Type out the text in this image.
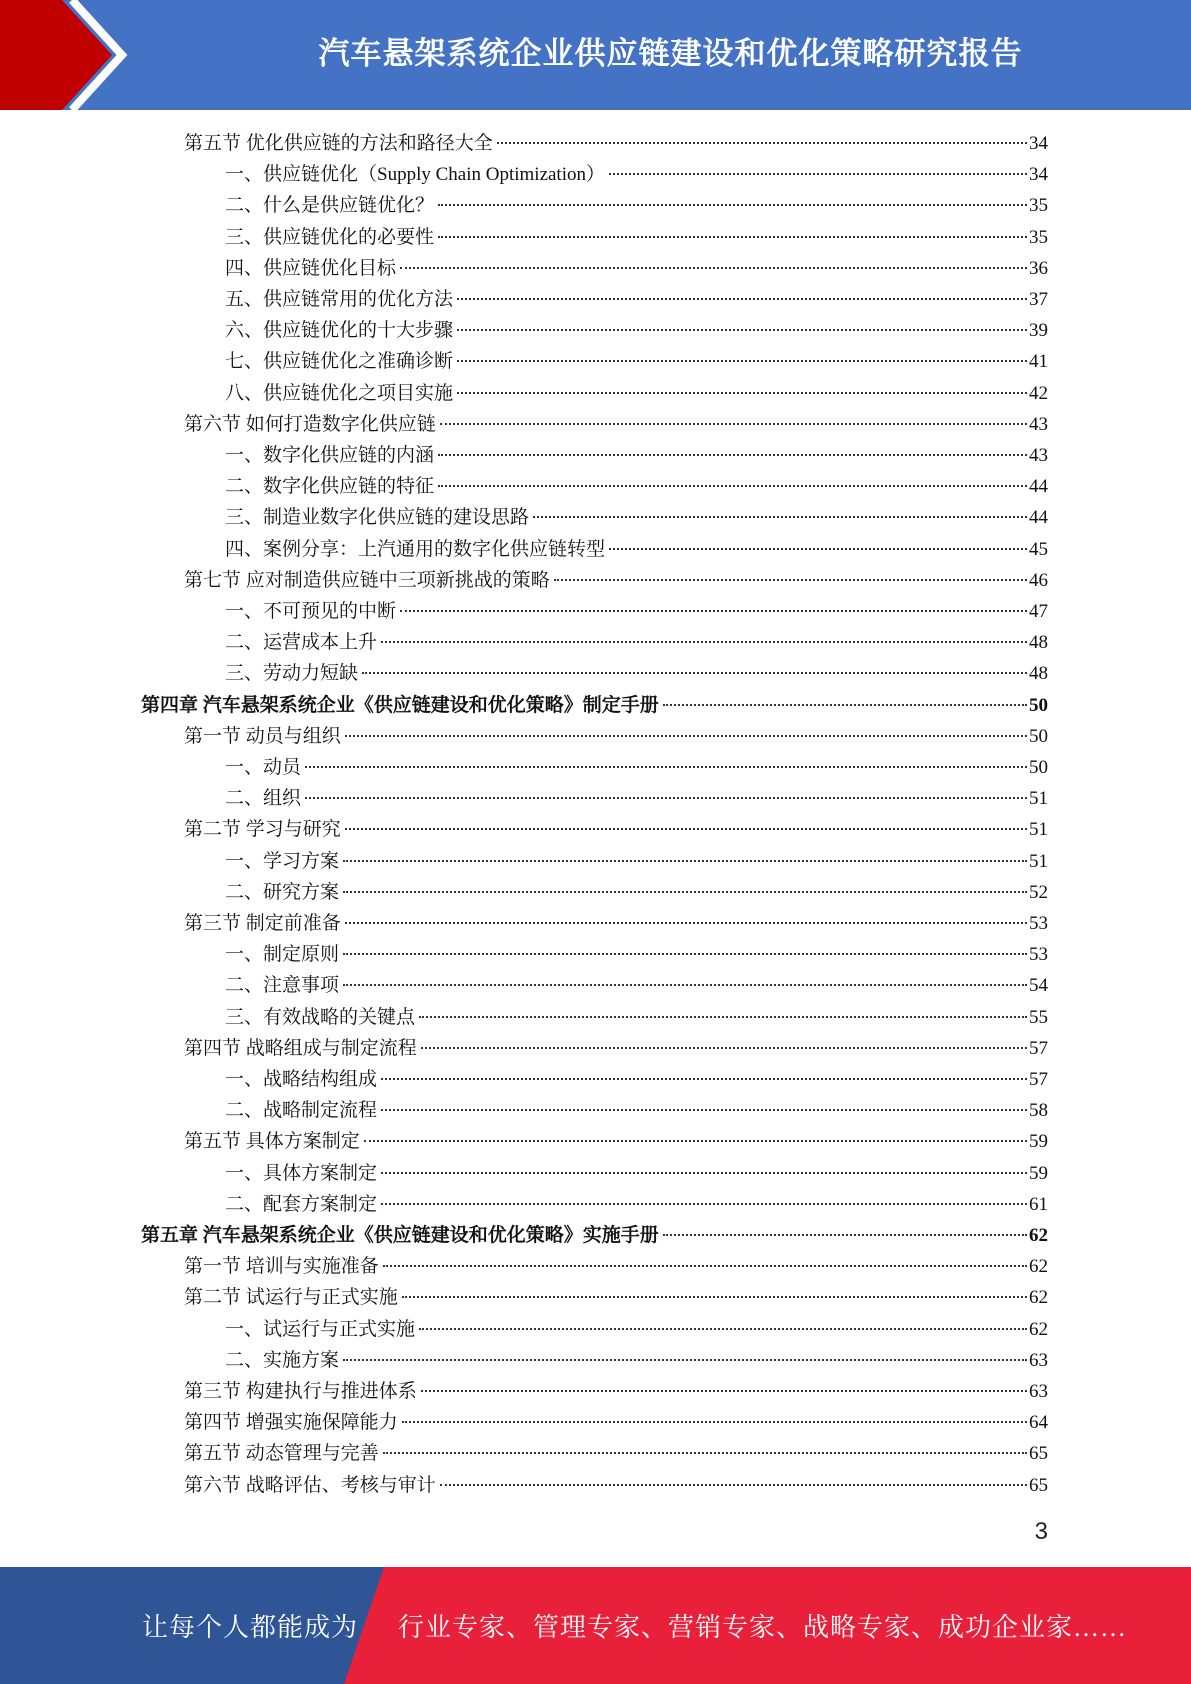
汽车悬架系统企业供应链建设和优化策略研究报告
第五节 优化供应链的方法和路径大全	34
一、供应链优化（Supply Chain Optimization）	34
二、什么是供应链优化？	35
三、供应链优化的必要性	35
四、供应链优化目标	36
五、供应链常用的优化方法	37
六、供应链优化的十大步骤	39
七、供应链优化之准确诊断	41
八、供应链优化之项目实施	42
第六节 如何打造数字化供应链	43
一、数字化供应链的内涵	43
二、数字化供应链的特征	44
三、制造业数字化供应链的建设思路	44
四、案例分享：上汽通用的数字化供应链转型	45
第七节 应对制造供应链中三项新挑战的策略	46
一、不可预见的中断	47
二、运营成本上升	48
三、劳动力短缺	48
第四章 汽车悬架系统企业《供应链建设和优化策略》制定手册	50
第一节 动员与组织	50
一、动员	50
二、组织	51
第二节 学习与研究	51
一、学习方案	51
二、研究方案	52
第三节 制定前准备	53
一、制定原则	53
二、注意事项	54
三、有效战略的关键点	55
第四节 战略组成与制定流程	57
一、战略结构组成	57
二、战略制定流程	58
第五节 具体方案制定	59
一、具体方案制定	59
二、配套方案制定	61
第五章 汽车悬架系统企业《供应链建设和优化策略》实施手册	62
第一节 培训与实施准备	62
第二节 试运行与正式实施	62
一、试运行与正式实施	62
二、实施方案	63
第三节 构建执行与推进体系	63
第四节 增强实施保障能力	64
第五节 动态管理与完善	65
第六节 战略评估、考核与审计	65
3
让每个人都能成为 行业专家、管理专家、营销专家、战略专家、成功企业家……
